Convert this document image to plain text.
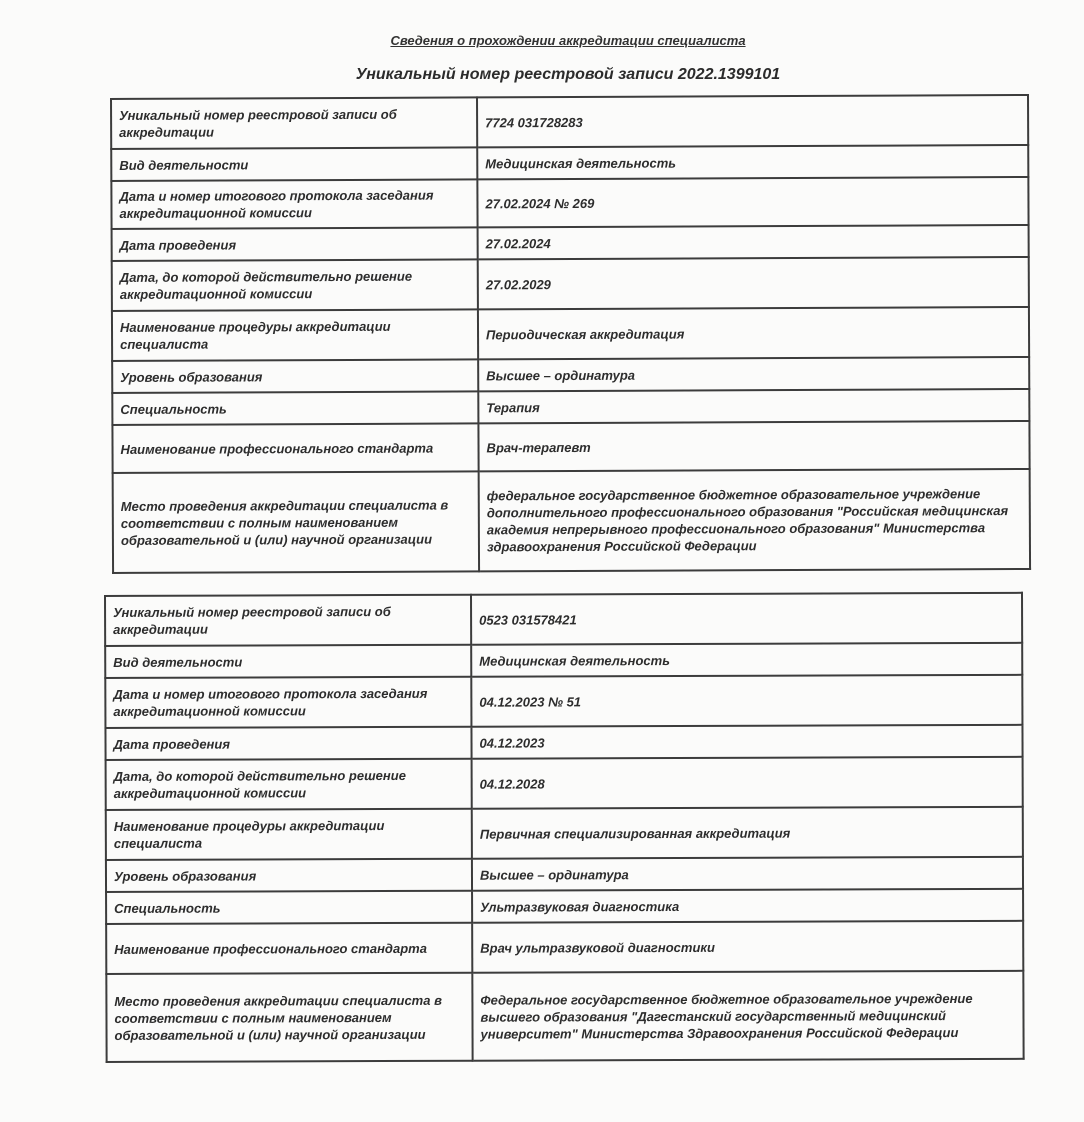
Сведения о прохождении аккредитации специалиста
Уникальный номер реестровой записи 2022.1399101
Уникальный номер реестровой записи об аккредитации	7724 031728283
Вид деятельности	Медицинская деятельность
Дата и номер итогового протокола заседания аккредитационной комиссии	27.02.2024 № 269
Дата проведения	27.02.2024
Дата, до которой действительно решение аккредитационной комиссии	27.02.2029
Наименование процедуры аккредитации специалиста	Периодическая аккредитация
Уровень образования	Высшее – ординатура
Специальность	Терапия
Наименование профессионального стандарта	Врач-терапевт
Место проведения аккредитации специалиста в соответствии с полным наименованием образовательной и (или) научной организации	федеральное государственное бюджетное образовательное учреждение дополнительного профессионального образования "Российская медицинская академия непрерывного профессионального образования" Министерства здравоохранения Российской Федерации
Уникальный номер реестровой записи об аккредитации	0523 031578421
Вид деятельности	Медицинская деятельность
Дата и номер итогового протокола заседания аккредитационной комиссии	04.12.2023 № 51
Дата проведения	04.12.2023
Дата, до которой действительно решение аккредитационной комиссии	04.12.2028
Наименование процедуры аккредитации специалиста	Первичная специализированная аккредитация
Уровень образования	Высшее – ординатура
Специальность	Ультразвуковая диагностика
Наименование профессионального стандарта	Врач ультразвуковой диагностики
Место проведения аккредитации специалиста в соответствии с полным наименованием образовательной и (или) научной организации	Федеральное государственное бюджетное образовательное учреждение высшего образования "Дагестанский государственный медицинский университет" Министерства Здравоохранения Российской Федерации
